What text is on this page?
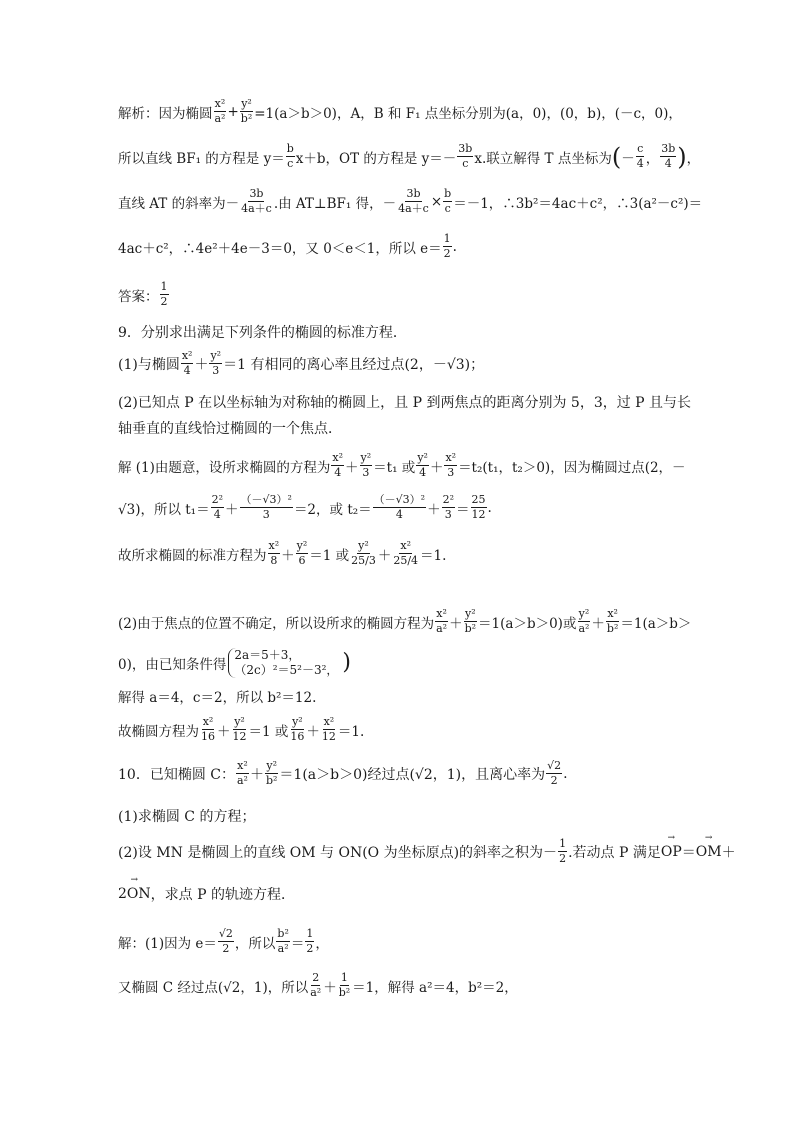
解析：因为椭圆 $\frac{\text{x²}}{\text{a²}} + \frac{\text{y²}}{\text{b²}} =1(a>b>0)$，A，B 和 F₁ 点坐标分别为(a，0)，(0，b)，(－c，0)，
所以直线 BF₁ 的方程是 $y= \frac{b}{c} x+b$，OT 的方程是 $y=- \frac{3b}{c} x$.联立解得 T 点坐标为 ( － $\frac{c}{4}$ ， $\frac{3b}{4}$ ) ，
直线 AT 的斜率为－ $\frac{3b}{4a+c}$ .由 AT⊥BF₁ 得，－ $\frac{3b}{4a+c} \times \frac{b}{c} =-1$，∴3b²＝4ac＋c²，∴3(a²－c²)＝
4ac＋c²，∴4e²＋4e－3＝0，又 0＜e＜1，所以 $e= \frac{1}{2}$ .
答案： $\frac{1}{2}$
9．分别求出满足下列条件的椭圆的标准方程．
(1)与椭圆 $\frac{\text{x²}}{4} + \frac{\text{y²}}{3} =1$ 有相同的离心率且经过点(2，－√3)；
(2)已知点 P 在以坐标轴为对称轴的椭圆上，且 P 到两焦点的距离分别为 5，3，过 P 且与长
轴垂直的直线恰过椭圆的一个焦点．
解 (1)由题意，设所求椭圆的方程为 $\frac{\text{x²}}{4} + \frac{\text{y²}}{3} =t_1$ 或 $\frac{\text{y²}}{4} + \frac{\text{x²}}{3} =t_2(t_1$，t₂＞0)，因为椭圆过点(2，－
√3)，所以 $t_1= \frac{\text{2²}}{4} + \frac{\text{（－√3）²}}{3} =2$，或 $t_2= \frac{\text{（－√3）²}}{4} + \frac{\text{2²}}{3} = \frac{25}{12}$ .
故所求椭圆的标准方程为 $\frac{\text{x²}}{8} + \frac{\text{y²}}{6} =1$ 或 $\frac{\text{y²}}{25/3} + \frac{\text{x²}}{25/4} =1$.
(2)由于焦点的位置不确定，所以设所求的椭圆方程为 $\frac{\text{x²}}{\text{a²}} + \frac{\text{y²}}{\text{b²}} =1(a>b>0)$或 $\frac{\text{y²}}{\text{a²}} + \frac{\text{x²}}{\text{b²}} =1(a>b>$
0)，由已知条件得
2a＝5＋3，
（2c）²＝5²－3²， )
解得 a＝4，c＝2，所以 b²＝12.
故椭圆方程为 $\frac{\text{x²}}{16} + \frac{\text{y²}}{12} =1$ 或 $\frac{\text{y²}}{16} + \frac{\text{x²}}{12} =1$.
10．已知椭圆 C： $\frac{\text{x²}}{\text{a²}} + \frac{\text{y²}}{\text{b²}} =1(a>b>0)$经过点(√2，1)，且离心率为 $\frac{√2}{2}$ .
(1)求椭圆 C 的方程；
(2)设 MN 是椭圆上的直线 OM 与 ON(O 为坐标原点)的斜率之积为－ $\frac{1}{2}$ .若动点 P 满足 → OP ＝ → OM ＋
→ 2ON ，求点 P 的轨迹方程．
解：(1)因为 $e= \frac{√2}{2}$ ，所以 $\frac{\text{b²}}{\text{a²}} = \frac{1}{2}$ ，
又椭圆 C 经过点(√2，1)，所以 $\frac{2}{\text{a²}} + \frac{1}{\text{b²}} =1$，解得 a²＝4，b²＝2，
